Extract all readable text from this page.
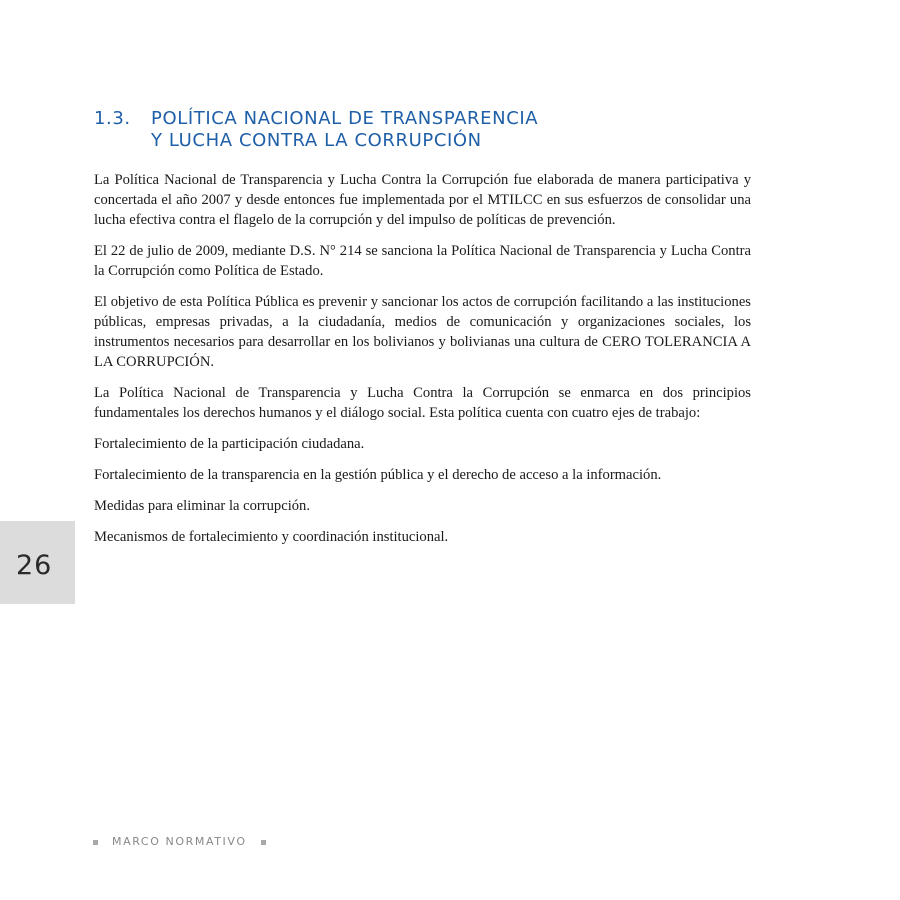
1.3. POLÍTICA NACIONAL DE TRANSPARENCIA
Y LUCHA CONTRA LA CORRUPCIÓN

La Política Nacional de Transparencia y Lucha Contra la Corrupción fue elaborada de manera participativa y concertada el año 2007 y desde entonces fue implementada por el MTILCC en sus esfuerzos de consolidar una lucha efectiva contra el flagelo de la corrupción y del impulso de políticas de prevención.

El 22 de julio de 2009, mediante D.S. N° 214 se sanciona la Política Nacional de Transparencia y Lucha Contra la Corrupción como Política de Estado.

El objetivo de esta Política Pública es prevenir y sancionar los actos de corrupción facilitando a las instituciones públicas, empresas privadas, a la ciudadanía, medios de comunicación y organizaciones sociales, los instrumentos necesarios para desarrollar en los bolivianos y bolivianas una cultura de CERO TOLERANCIA A LA CORRUPCIÓN.

La Política Nacional de Transparencia y Lucha Contra la Corrupción se enmarca en dos principios fundamentales los derechos humanos y el diálogo social. Esta política cuenta con cuatro ejes de trabajo:

Fortalecimiento de la participación ciudadana.

Fortalecimiento de la transparencia en la gestión pública y el derecho de acceso a la información.

Medidas para eliminar la corrupción.

Mecanismos de fortalecimiento y coordinación institucional.

26
MARCO NORMATIVO
